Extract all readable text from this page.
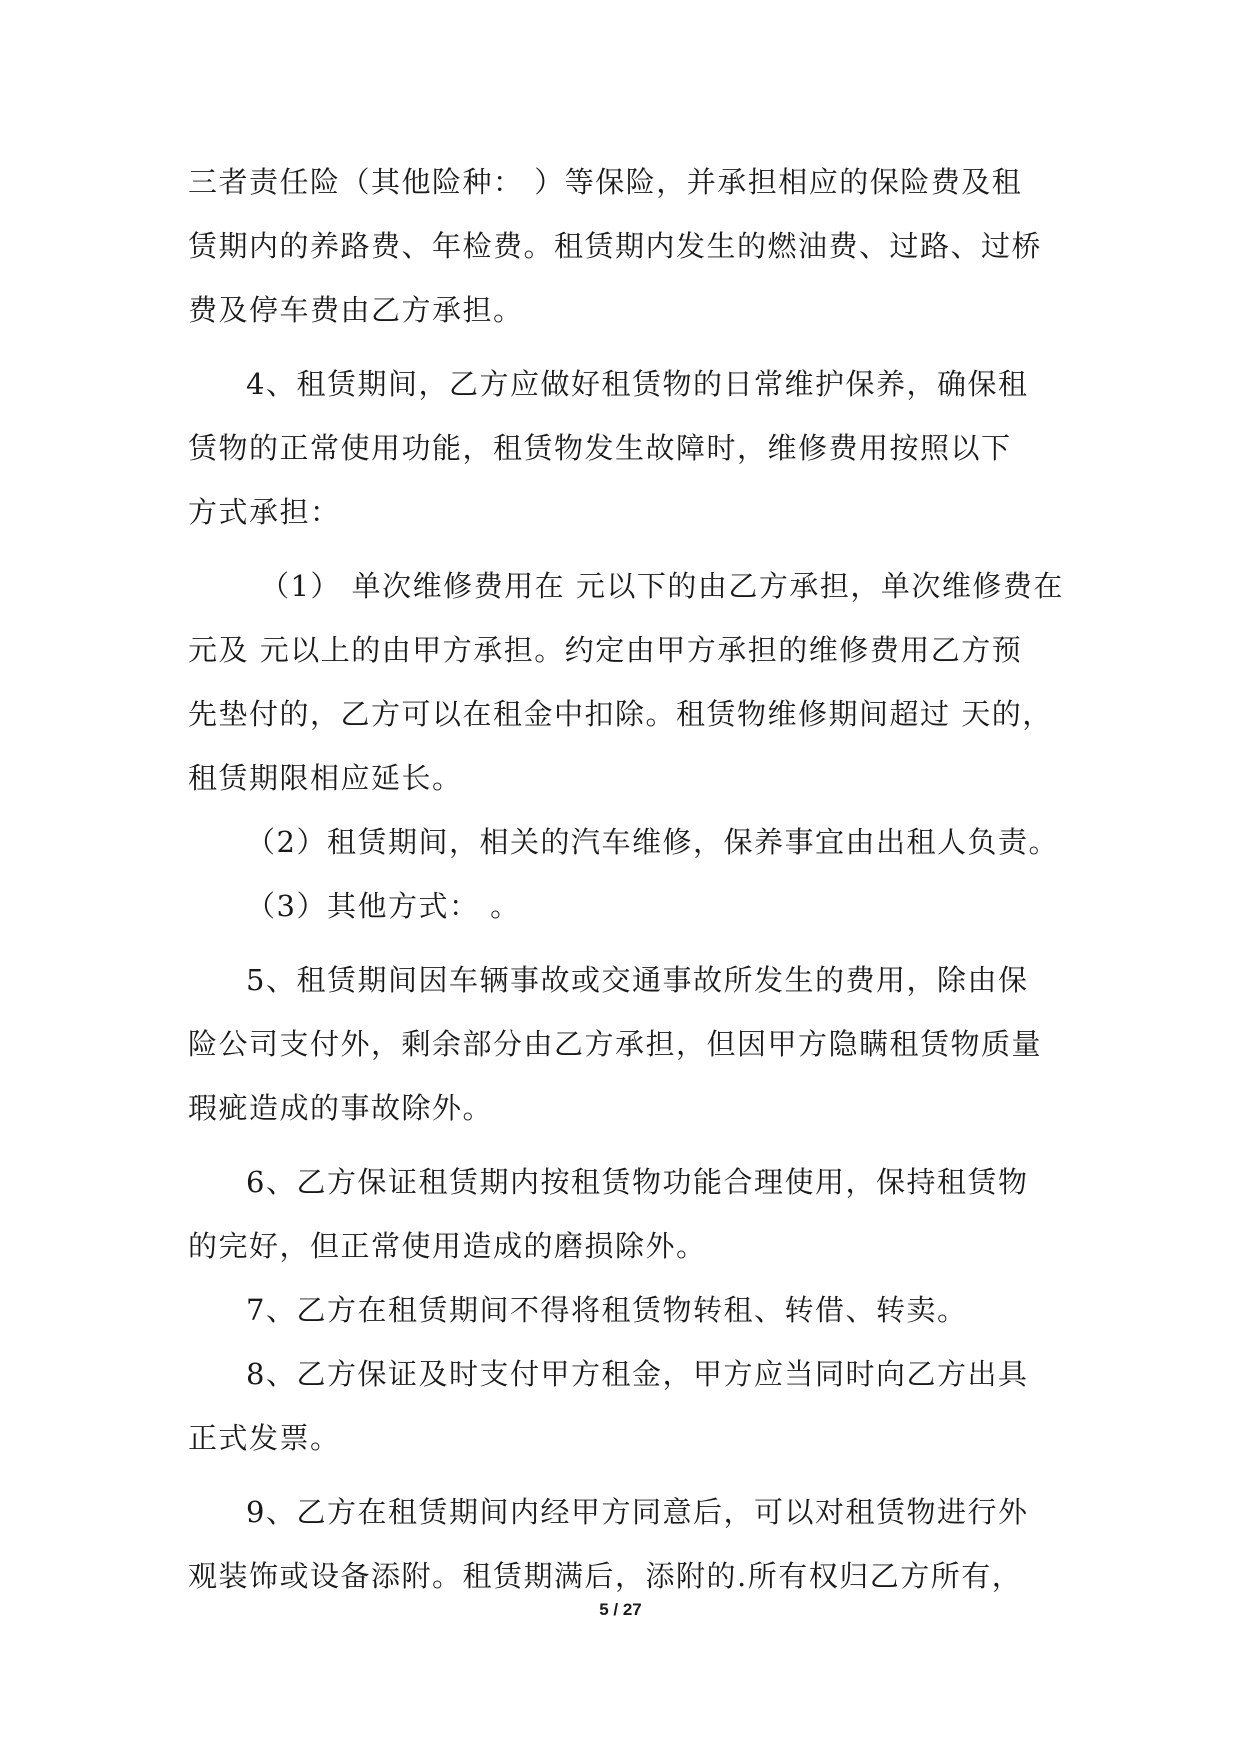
三者责任险（其他险种： ）等保险，并承担相应的保险费及租
赁期内的养路费、年检费。租赁期内发生的燃油费、过路、过桥
费及停车费由乙方承担。
4、租赁期间，乙方应做好租赁物的日常维护保养，确保租
赁物的正常使用功能，租赁物发生故障时，维修费用按照以下
方式承担：
（1） 单次维修费用在 元以下的由乙方承担，单次维修费在
元及 元以上的由甲方承担。约定由甲方承担的维修费用乙方预
先垫付的，乙方可以在租金中扣除。租赁物维修期间超过 天的，
租赁期限相应延长。
（2）租赁期间，相关的汽车维修，保养事宜由出租人负责。
（3）其他方式： 。
5、租赁期间因车辆事故或交通事故所发生的费用，除由保
险公司支付外，剩余部分由乙方承担，但因甲方隐瞒租赁物质量
瑕疵造成的事故除外。
6、乙方保证租赁期内按租赁物功能合理使用，保持租赁物
的完好，但正常使用造成的磨损除外。
7、乙方在租赁期间不得将租赁物转租、转借、转卖。
8、乙方保证及时支付甲方租金，甲方应当同时向乙方出具
正式发票。
9、乙方在租赁期间内经甲方同意后，可以对租赁物进行外
观装饰或设备添附。租赁期满后，添附的.所有权归乙方所有，
5 / 27
